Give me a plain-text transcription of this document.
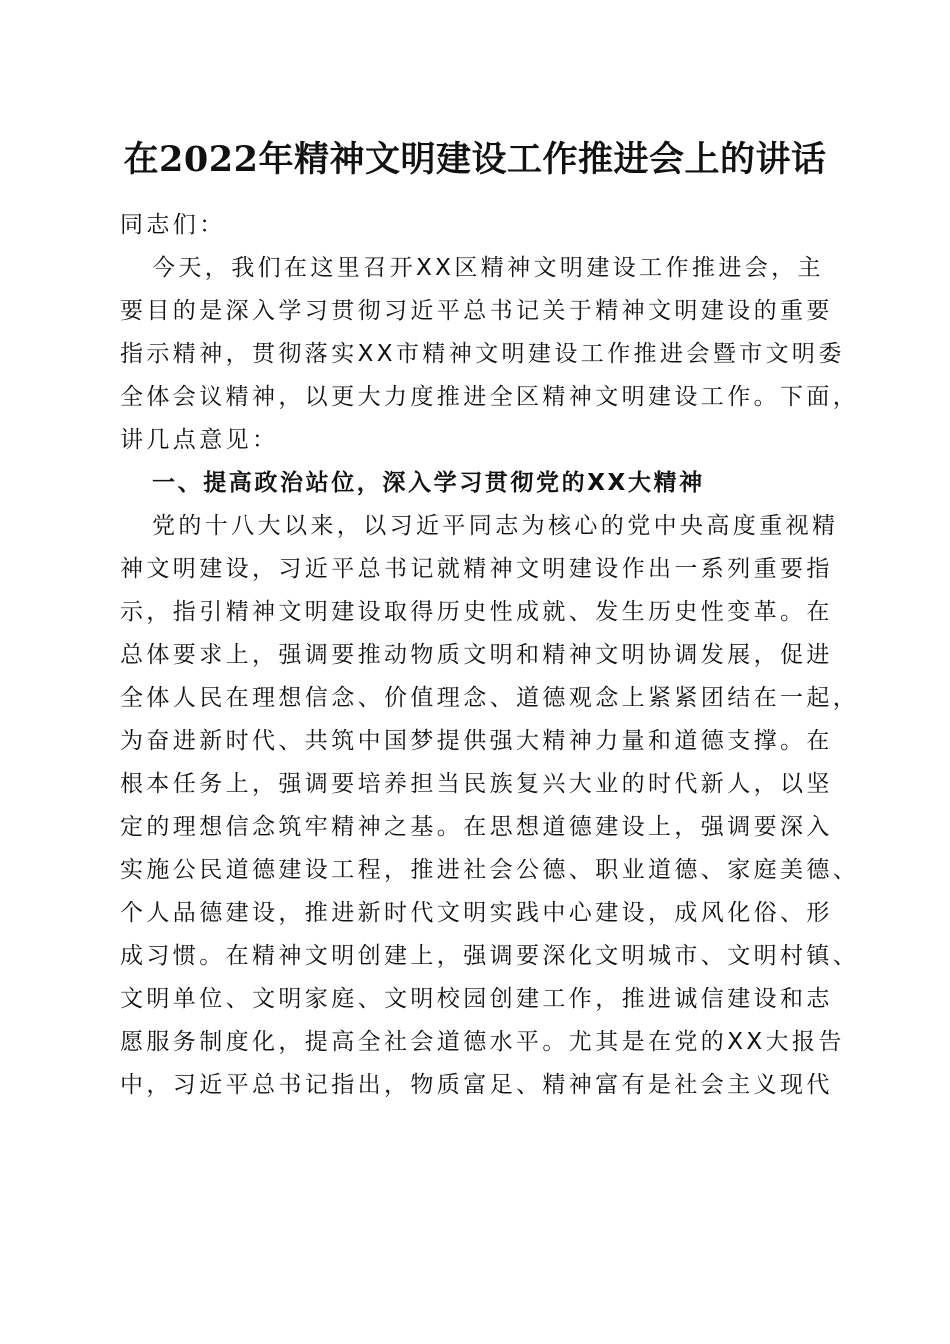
在2022年精神文明建设工作推进会上的讲话
同志们：
今天，我们在这里召开XX区精神文明建设工作推进会，主
要目的是深入学习贯彻习近平总书记关于精神文明建设的重要
指示精神，贯彻落实XX市精神文明建设工作推进会暨市文明委
全体会议精神，以更大力度推进全区精神文明建设工作。下面，
讲几点意见：
一、提高政治站位，深入学习贯彻党的XX大精神
党的十八大以来，以习近平同志为核心的党中央高度重视精
神文明建设，习近平总书记就精神文明建设作出一系列重要指
示，指引精神文明建设取得历史性成就、发生历史性变革。在
总体要求上，强调要推动物质文明和精神文明协调发展，促进
全体人民在理想信念、价值理念、道德观念上紧紧团结在一起，
为奋进新时代、共筑中国梦提供强大精神力量和道德支撑。在
根本任务上，强调要培养担当民族复兴大业的时代新人，以坚
定的理想信念筑牢精神之基。在思想道德建设上，强调要深入
实施公民道德建设工程，推进社会公德、职业道德、家庭美德、
个人品德建设，推进新时代文明实践中心建设，成风化俗、形
成习惯。在精神文明创建上，强调要深化文明城市、文明村镇、
文明单位、文明家庭、文明校园创建工作，推进诚信建设和志
愿服务制度化，提高全社会道德水平。尤其是在党的XX大报告
中，习近平总书记指出，物质富足、精神富有是社会主义现代
